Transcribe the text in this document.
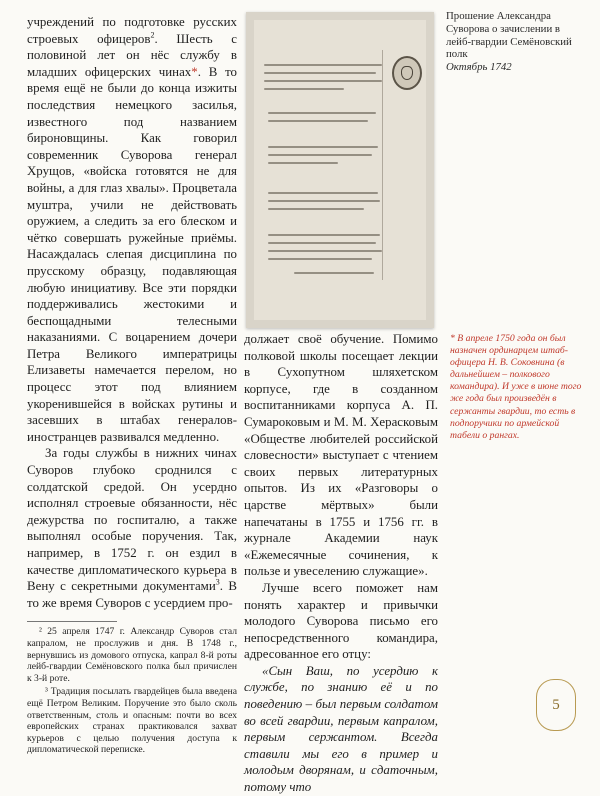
учреждений по подготовке русских строевых офицеров$^2$. Шесть с половиной лет он нёс службу в младших офицерских чинах*. В то время ещё не были до конца изжиты последствия немецкого засилья, известного под названием бироновщины. Как говорил современник Суворова генерал Хрущов, «войска готовятся не для войны, а для глаз хвалы». Процветала муштра, учили не действовать оружием, а следить за его блеском и чётко совершать ружейные приёмы. Насаждалась слепая дисциплина по прусскому образцу, подавляющая любую инициативу. Все эти порядки поддерживались жестокими и беспощадными телесными наказаниями. С воцарением дочери Петра Великого императрицы Елизаветы намечается перелом, но процесс этот под влиянием укоренившейся в войсках рутины и засевших в штабах генералов-иностранцев развивался медленно.

За годы службы в нижних чинах Суворов глубоко сроднился с солдатской средой. Он усердно исполнял строевые обязанности, нёс дежурства по госпиталю, а также выполнял особые поручения. Так, например, в 1752 г. он ездил в качестве дипломатического курьера в Вену с секретными документами$^3$. В то же время Суворов с усердием про-

² 25 апреля 1747 г. Александр Суворов стал капралом, не прослужив и дня. В 1748 г., вернувшись из домового отпуска, капрал 8-й роты лейб-гвардии Семёновского полка был причислен к 3-й роте.

³ Традиция посылать гвардейцев была введена ещё Петром Великим. Поручение это было сколь ответственным, столь и опасным: почти во всех европейских странах практиковался захват курьеров с целью получения доступа к дипломатической переписке.

Прошение Александра Суворова о зачислении в лейб-гвардии Семёновский полк
Октябрь 1742

должает своё обучение. Помимо полковой школы посещает лекции в Сухопутном шляхетском корпусе, где в созданном воспитанниками корпуса А. П. Сумароковым и М. М. Херасковым «Обществе любителей российской словесности» выступает с чтением своих первых литературных опытов. Из их «Разговоры о царстве мёртвых» были напечатаны в 1755 и 1756 гг. в журнале Академии наук «Ежемесячные сочинения, к пользе и увеселению служащие».

Лучше всего поможет нам понять характер и привычки молодого Суворова письмо его непосредственного командира, адресованное его отцу:

«Сын Ваш, по усердию к службе, по знанию её и по поведению – был первым солдатом во всей гвардии, первым капралом, первым сержантом. Всегда ставили мы его в пример и молодым дворянам, и сдаточным, потому что

* В апреле 1750 года он был назначен ординарцем штаб-офицера Н. В. Соковнина (в дальнейшем – полкового командира). И уже в июне того же года был произведён в сержанты гвардии, то есть в подпоручики по армейской табели о рангах.
5
